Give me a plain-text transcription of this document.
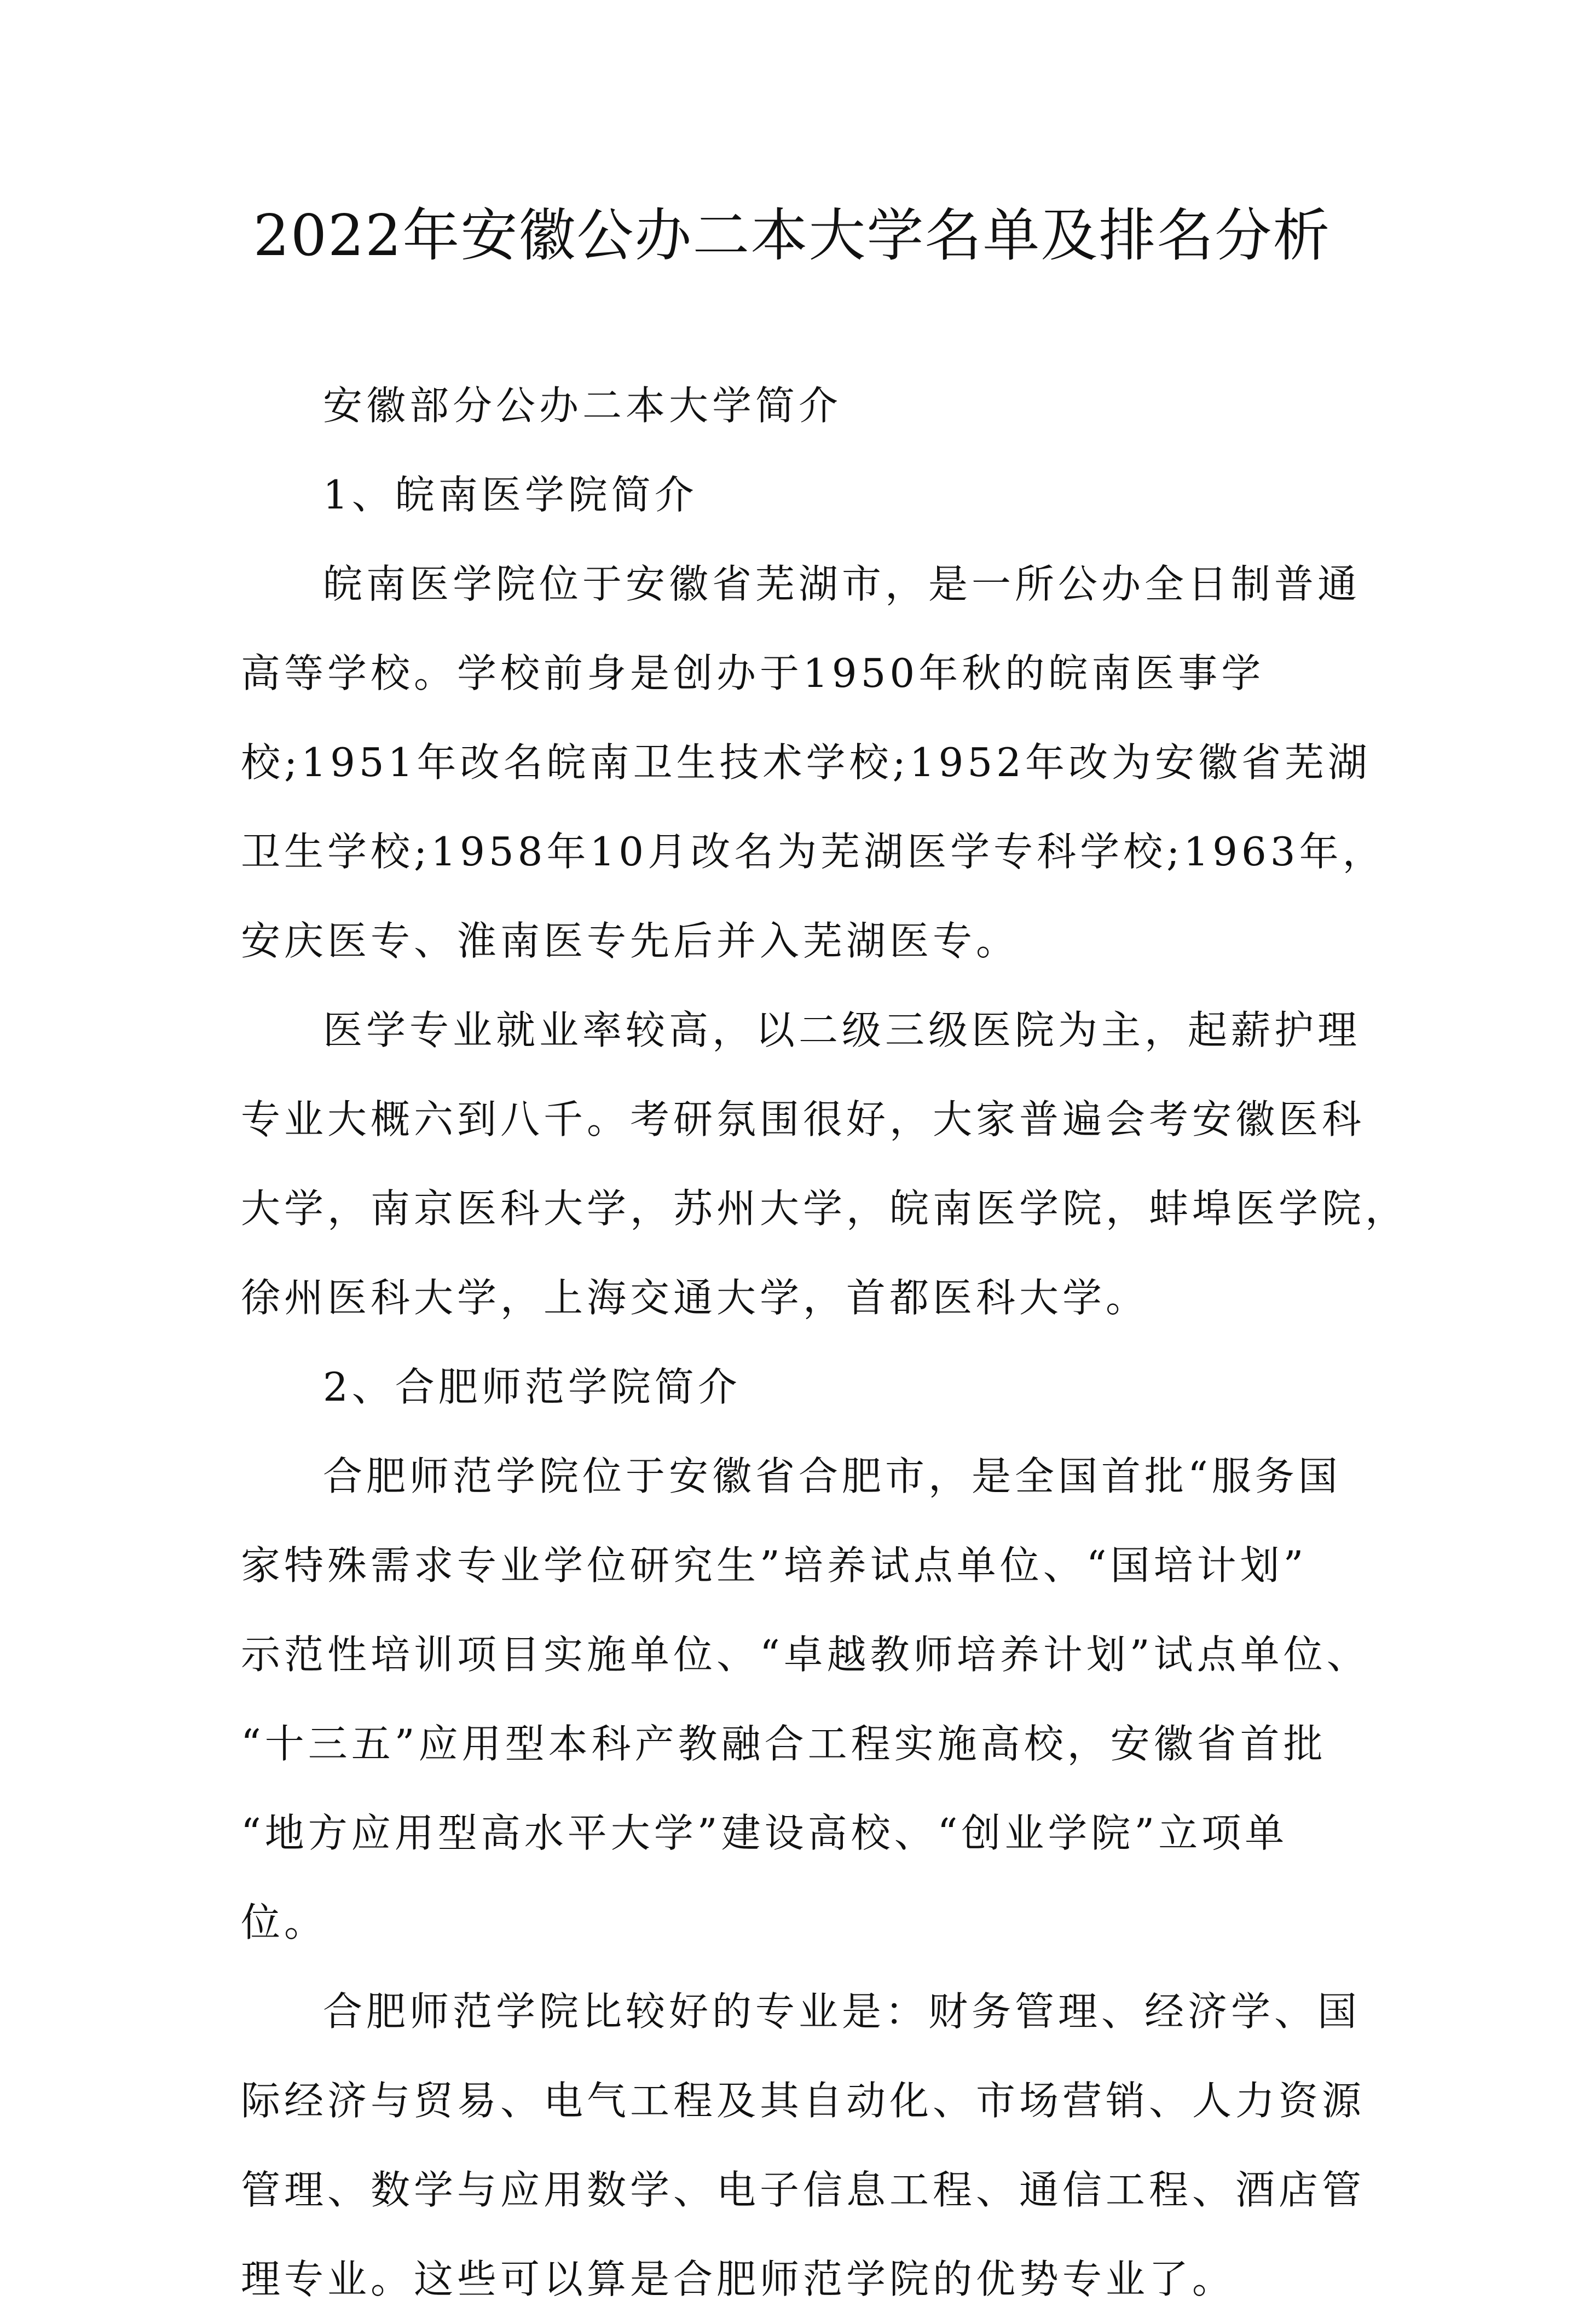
2022年安徽公办二本大学名单及排名分析
安徽部分公办二本大学简介
1、皖南医学院简介
皖南医学院位于安徽省芜湖市，是一所公办全日制普通
高等学校。学校前身是创办于1950年秋的皖南医事学
校;1951年改名皖南卫生技术学校;1952年改为安徽省芜湖
卫生学校;1958年10月改名为芜湖医学专科学校;1963年，
安庆医专、淮南医专先后并入芜湖医专。
医学专业就业率较高，以二级三级医院为主，起薪护理
专业大概六到八千。考研氛围很好，大家普遍会考安徽医科
大学，南京医科大学，苏州大学，皖南医学院，蚌埠医学院，
徐州医科大学，上海交通大学，首都医科大学。
2、合肥师范学院简介
合肥师范学院位于安徽省合肥市，是全国首批“服务国
家特殊需求专业学位研究生”培养试点单位、“国培计划”
示范性培训项目实施单位、“卓越教师培养计划”试点单位、
“十三五”应用型本科产教融合工程实施高校，安徽省首批
“地方应用型高水平大学”建设高校、“创业学院”立项单
位。
合肥师范学院比较好的专业是：财务管理、经济学、国
际经济与贸易、电气工程及其自动化、市场营销、人力资源
管理、数学与应用数学、电子信息工程、通信工程、酒店管
理专业。这些可以算是合肥师范学院的优势专业了。
